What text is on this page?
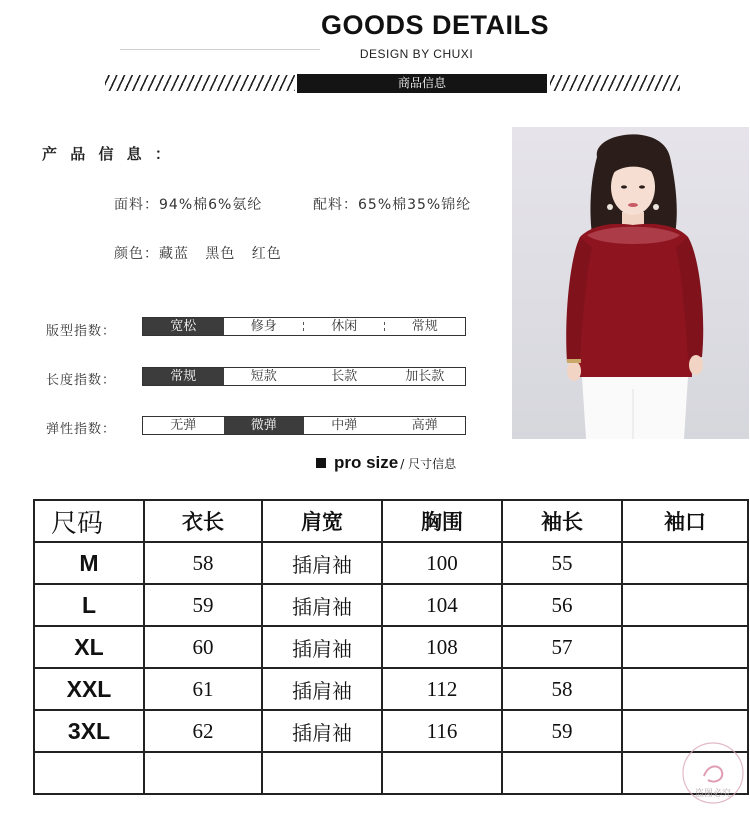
GOODS DETAILS
DESIGN BY CHUXI
商品信息
产 品 信 息 ：
面料：94%棉6%氨纶	配料：65%棉35%锦纶
颜色：藏蓝   黑色   红色
版型指数：	宽松	修身	休闲	常规
长度指数：	常规	短款	长款	加长款
弹性指数：	无弹	微弹	中弹	高弹
pro size / 尺寸信息
尺码	衣长	肩宽	胸围	袖长	袖口
M	58	插肩袖	100	55	
L	59	插肩袖	104	56	
XL	60	插肩袖	108	57	
XXL	61	插肩袖	112	58	
3XL	62	插肩袖	116	59	

盗图必究
